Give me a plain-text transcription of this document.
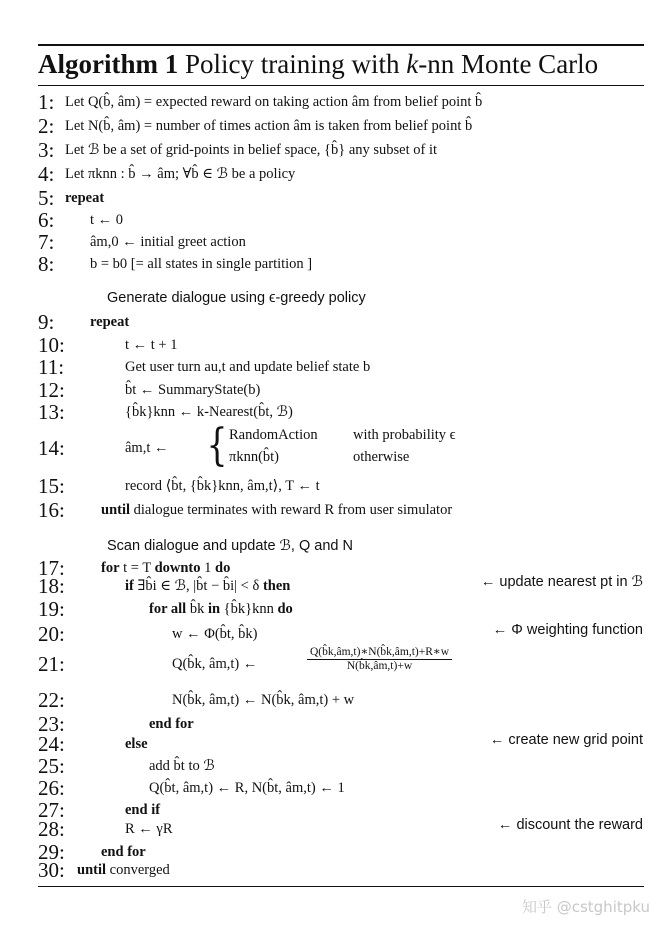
Algorithm 1 Policy training with k-nn Monte Carlo
1: Let Q(b̂, âm) = expected reward on taking action âm from belief point b̂
2: Let N(b̂, âm) = number of times action âm is taken from belief point b̂
3: Let ℬ be a set of grid-points in belief space, {b̂} any subset of it
4: Let πknn : b̂ → âm; ∀b̂ ∈ ℬ be a policy
5: repeat
6: t ← 0
7: âm,0 ← initial greet action
8: b = b0 [= all states in single partition ]
9: repeat
10:	t ← t + 1
11:	Get user turn au,t and update belief state b
12:	b̂t ← SummaryState(b)
13:	{b̂k}knn ← k-Nearest(b̂t, ℬ)
14:	âm,t ←
15:	record ⟨b̂t, {b̂k}knn, âm,t⟩, T ← t
16: until dialogue terminates with reward R from user simulator
17: for t = T downto 1 do
18:	if ∃b̂i ∈ ℬ, |b̂t − b̂i| < δ then
19:	for all b̂k in {b̂k}knn do
20:	w ← Φ(b̂t, b̂k)
21:	Q(b̂k, âm,t) ←
22:	N(b̂k, âm,t) ← N(b̂k, âm,t) + w
23:	end for
24:	else
25:	add b̂t to ℬ
26:	Q(b̂t, âm,t) ← R, N(b̂t, âm,t) ← 1
27:	end if
28:	R ← γR
29: end for
30: until converged
Generate dialogue using ϵ-greedy policy
Scan dialogue and update ℬ, Q and N
{ RandomAction with probability ϵ
πknn(b̂t)	otherwise
$\frac{Q(b̂k,âm,t)∗N(b̂k,âm,t)+R∗w}{N(b̂k,âm,t)+w}$
← update nearest pt in ℬ
← Φ weighting function
← create new grid point
← discount the reward
知乎 @cstghitpku
